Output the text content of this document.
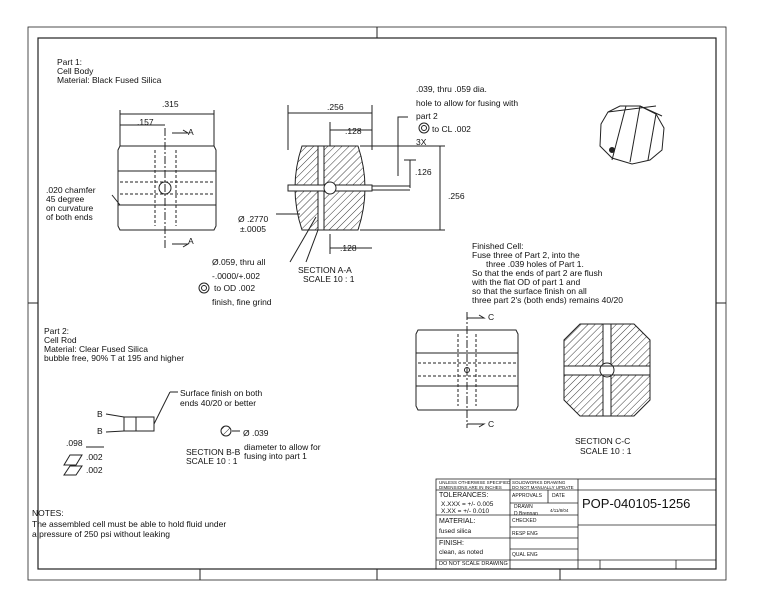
Part 1:
Cell Body
Material: Black Fused Silica
.315
.157
A
A
.020 chamfer
45 degree
on curvature
of both ends
.256
.128
.126
.256
.128
Ø .2770
±.0005
Ø.059, thru all
-.0000/+.002
to OD .002
finish, fine grind
SECTION A-A
SCALE 10 : 1
.039, thru .059 dia.
hole to allow for fusing with
part 2
to CL .002
3X
Finished Cell:
Fuse three of Part 2, into the
three .039 holes of Part 1.
So that the ends of part 2 are flush
with the flat OD of part 1 and
so that the surface finish on all
three part 2's (both ends) remains 40/20
C
C
SECTION C-C
SCALE 10 : 1
Part 2:
Cell Rod
Material: Clear Fused Silica
bubble free, 90% T at 195 and higher
Surface finish on both
ends 40/20 or better
B
B
.098
.002
.002
Ø .039
diameter to allow for
fusing into part 1
SECTION B-B
SCALE 10 : 1
NOTES:
The assembled cell must be able to hold fluid under
a pressure of 250 psi without leaking
UNLESS OTHERWISE SPECIFIED
DIMENSIONS ARE IN INCHES
SOLIDWORKS DRAWING
DO NOT MANUALLY UPDATE
TOLERANCES:
X.XXX = +/- 0.005
X.XX = +/- 0.010
APPROVALS DATE
DRAWN
D Brennan
4/11/8/04
CHECKED
MATERIAL:
fused silica	RESP ENG
FINISH:
clean, as noted	QUAL ENG
DO NOT SCALE DRAWING
POP-040105-1256
